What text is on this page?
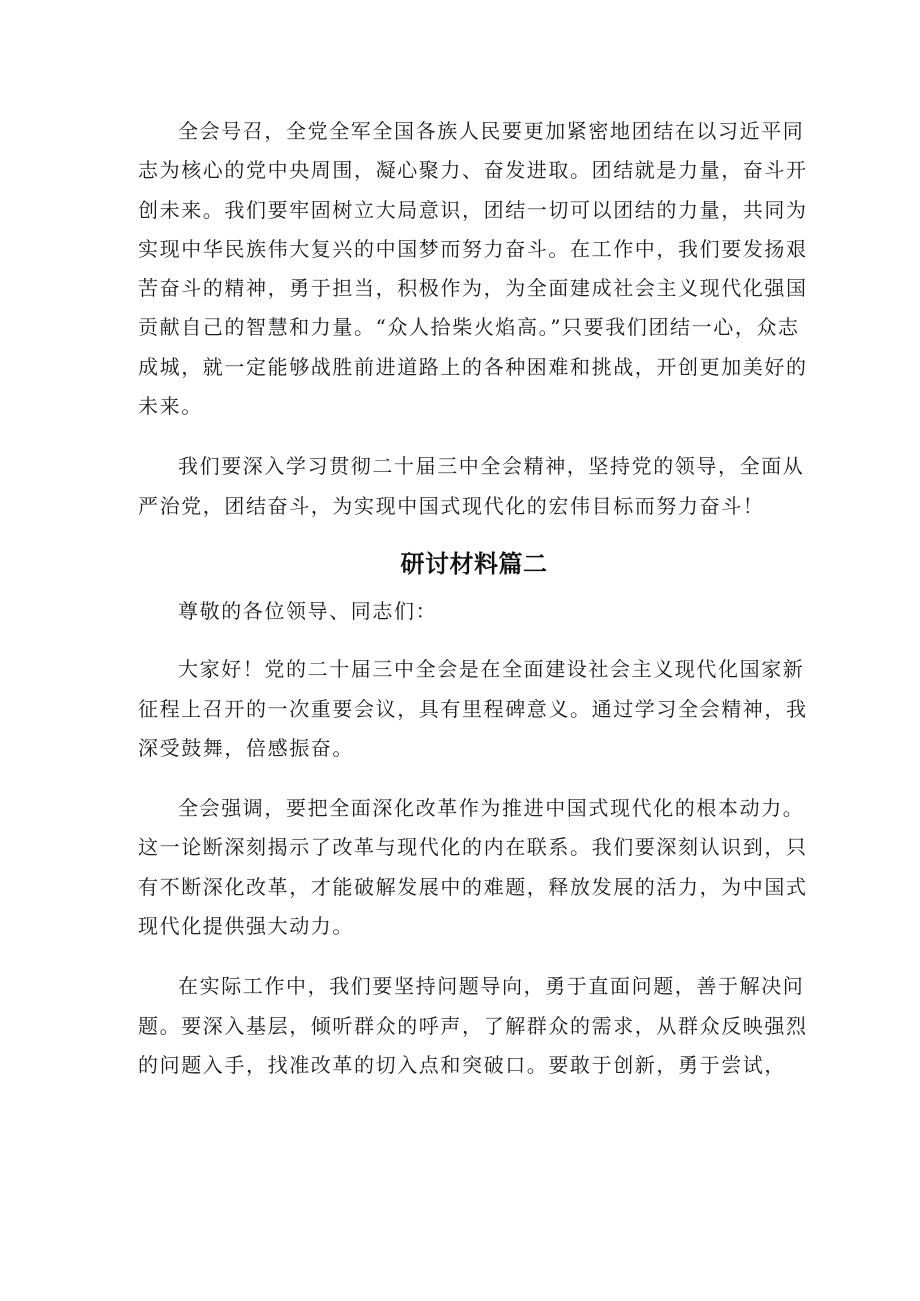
全会号召，全党全军全国各族人民要更加紧密地团结在以习近平同志为核心的党中央周围，凝心聚力、奋发进取。团结就是力量，奋斗开创未来。我们要牢固树立大局意识，团结一切可以团结的力量，共同为实现中华民族伟大复兴的中国梦而努力奋斗。在工作中，我们要发扬艰苦奋斗的精神，勇于担当，积极作为，为全面建成社会主义现代化强国贡献自己的智慧和力量。“众人拾柴火焰高。”只要我们团结一心，众志成城，就一定能够战胜前进道路上的各种困难和挑战，开创更加美好的未来。

我们要深入学习贯彻二十届三中全会精神，坚持党的领导，全面从严治党，团结奋斗，为实现中国式现代化的宏伟目标而努力奋斗！

研讨材料篇二

尊敬的各位领导、同志们：

大家好！党的二十届三中全会是在全面建设社会主义现代化国家新征程上召开的一次重要会议，具有里程碑意义。通过学习全会精神，我深受鼓舞，倍感振奋。

全会强调，要把全面深化改革作为推进中国式现代化的根本动力。这一论断深刻揭示了改革与现代化的内在联系。我们要深刻认识到，只有不断深化改革，才能破解发展中的难题，释放发展的活力，为中国式现代化提供强大动力。

在实际工作中，我们要坚持问题导向，勇于直面问题，善于解决问题。要深入基层，倾听群众的呼声，了解群众的需求，从群众反映强烈的问题入手，找准改革的切入点和突破口。要敢于创新，勇于尝试，
